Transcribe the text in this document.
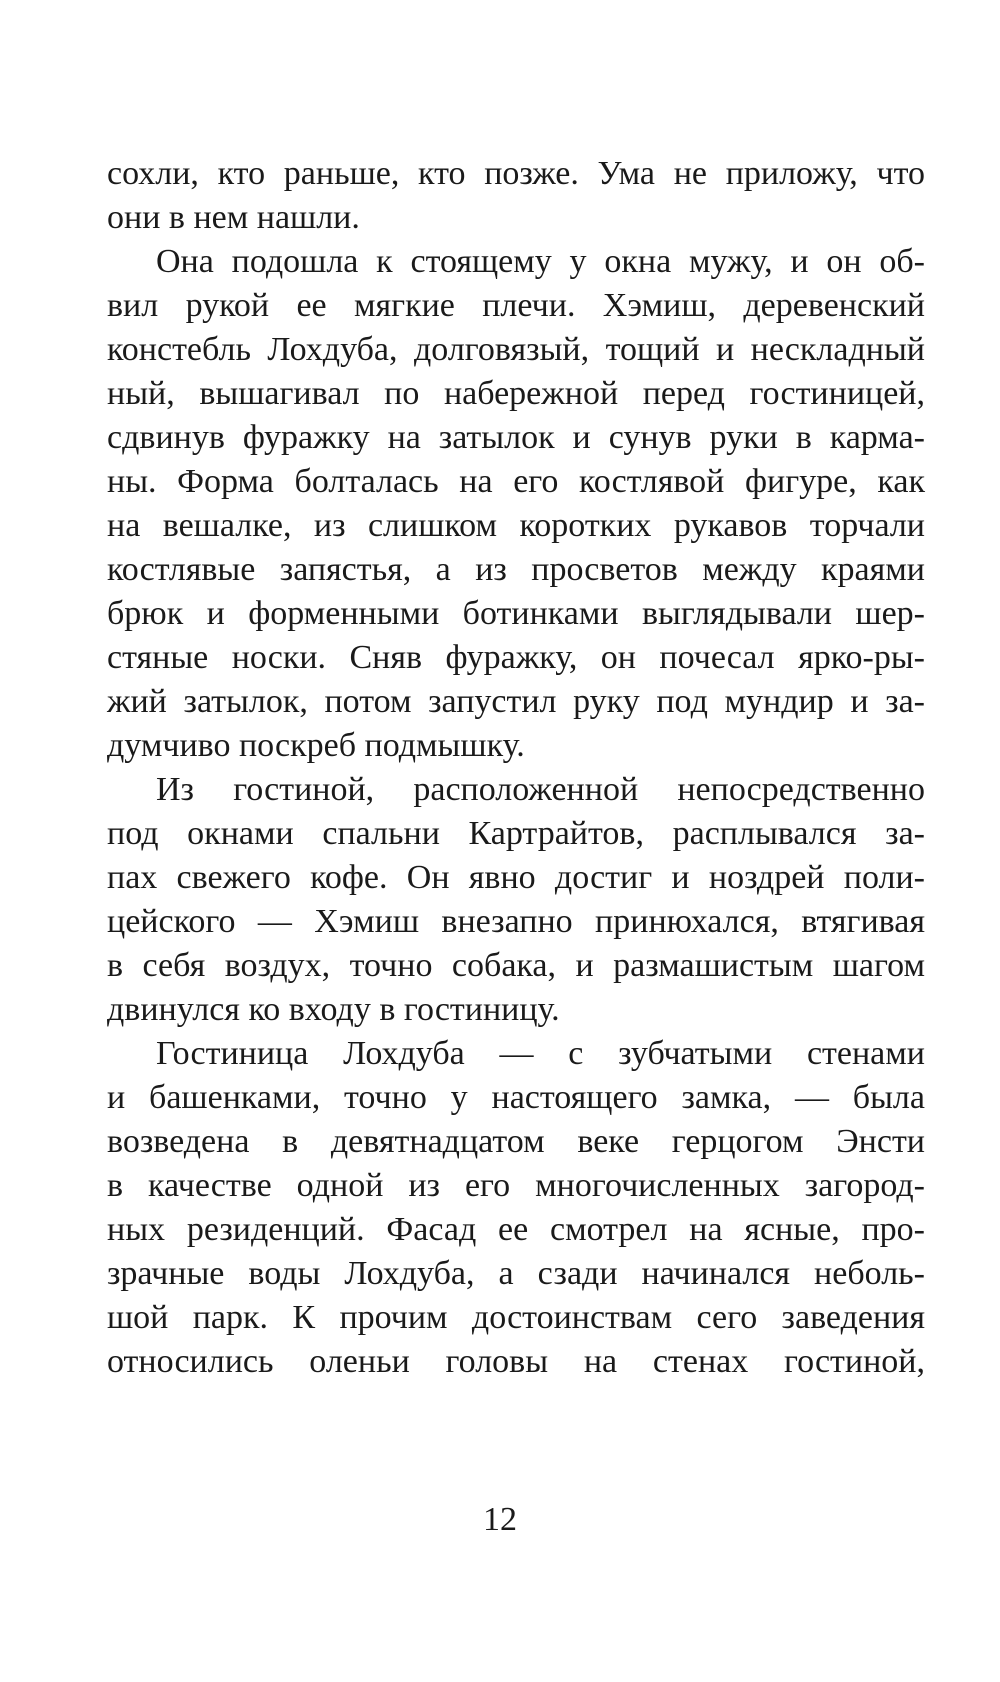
сохли, кто раньше, кто позже. Ума не приложу, что
они в нем нашли.
Она подошла к стоящему у окна мужу, и он об-
вил рукой ее мягкие плечи. Хэмиш, деревенский
констебль Лохдуба, долговязый, тощий и нескладный
ный, вышагивал по набережной перед гостиницей,
сдвинув фуражку на затылок и сунув руки в карма-
ны. Форма болталась на его костлявой фигуре, как
на вешалке, из слишком коротких рукавов торчали
костлявые запястья, а из просветов между краями
брюк и форменными ботинками выглядывали шер-
стяные носки. Сняв фуражку, он почесал ярко-ры-
жий затылок, потом запустил руку под мундир и за-
думчиво поскреб подмышку.
Из гостиной, расположенной непосредственно
под окнами спальни Картрайтов, расплывался за-
пах свежего кофе. Он явно достиг и ноздрей поли-
цейского — Хэмиш внезапно принюхался, втягивая
в себя воздух, точно собака, и размашистым шагом
двинулся ко входу в гостиницу.
Гостиница Лохдуба — с зубчатыми стенами
и башенками, точно у настоящего замка, — была
возведена в девятнадцатом веке герцогом Энсти
в качестве одной из его многочисленных загород-
ных резиденций. Фасад ее смотрел на ясные, про-
зрачные воды Лохдуба, а сзади начинался неболь-
шой парк. К прочим достоинствам сего заведения
относились оленьи головы на стенах гостиной,
12
